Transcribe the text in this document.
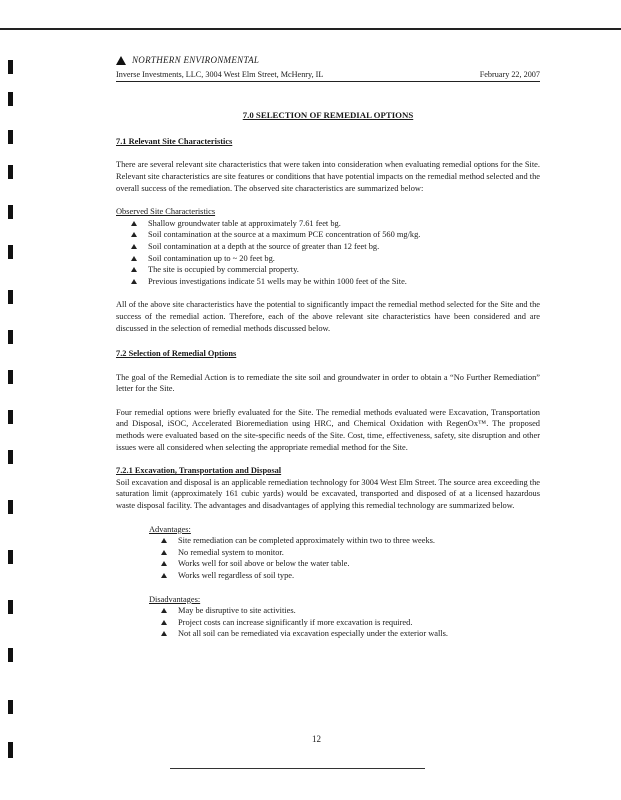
NORTHERN ENVIRONMENTAL
Inverse Investments, LLC, 3004 West Elm Street, McHenry, IL	February 22, 2007
7.0 SELECTION OF REMEDIAL OPTIONS
7.1 Relevant Site Characteristics
There are several relevant site characteristics that were taken into consideration when evaluating remedial options for the Site. Relevant site characteristics are site features or conditions that have potential impacts on the remedial method selected and the overall success of the remediation. The observed site characteristics are summarized below:
Observed Site Characteristics
Shallow groundwater table at approximately 7.61 feet bg.
Soil contamination at the source at a maximum PCE concentration of 560 mg/kg.
Soil contamination at a depth at the source of greater than 12 feet bg.
Soil contamination up to ~ 20 feet bg.
The site is occupied by commercial property.
Previous investigations indicate 51 wells may be within 1000 feet of the Site.
All of the above site characteristics have the potential to significantly impact the remedial method selected for the Site and the success of the remedial action. Therefore, each of the above relevant site characteristics have been considered and are discussed in the selection of remedial methods discussed below.
7.2 Selection of Remedial Options
The goal of the Remedial Action is to remediate the site soil and groundwater in order to obtain a “No Further Remediation” letter for the Site.
Four remedial options were briefly evaluated for the Site. The remedial methods evaluated were Excavation, Transportation and Disposal, iSOC, Accelerated Bioremediation using HRC, and Chemical Oxidation with RegenOx™. The proposed methods were evaluated based on the site-specific needs of the Site. Cost, time, effectiveness, safety, site disruption and other issues were all considered when selecting the appropriate remedial method for the Site.
7.2.1 Excavation, Transportation and Disposal
Soil excavation and disposal is an applicable remediation technology for 3004 West Elm Street. The source area exceeding the saturation limit (approximately 161 cubic yards) would be excavated, transported and disposed of at a licensed hazardous waste disposal facility. The advantages and disadvantages of applying this remedial technology are summarized below.
Advantages:
Site remediation can be completed approximately within two to three weeks.
No remedial system to monitor.
Works well for soil above or below the water table.
Works well regardless of soil type.
Disadvantages:
May be disruptive to site activities.
Project costs can increase significantly if more excavation is required.
Not all soil can be remediated via excavation especially under the exterior walls.
12
